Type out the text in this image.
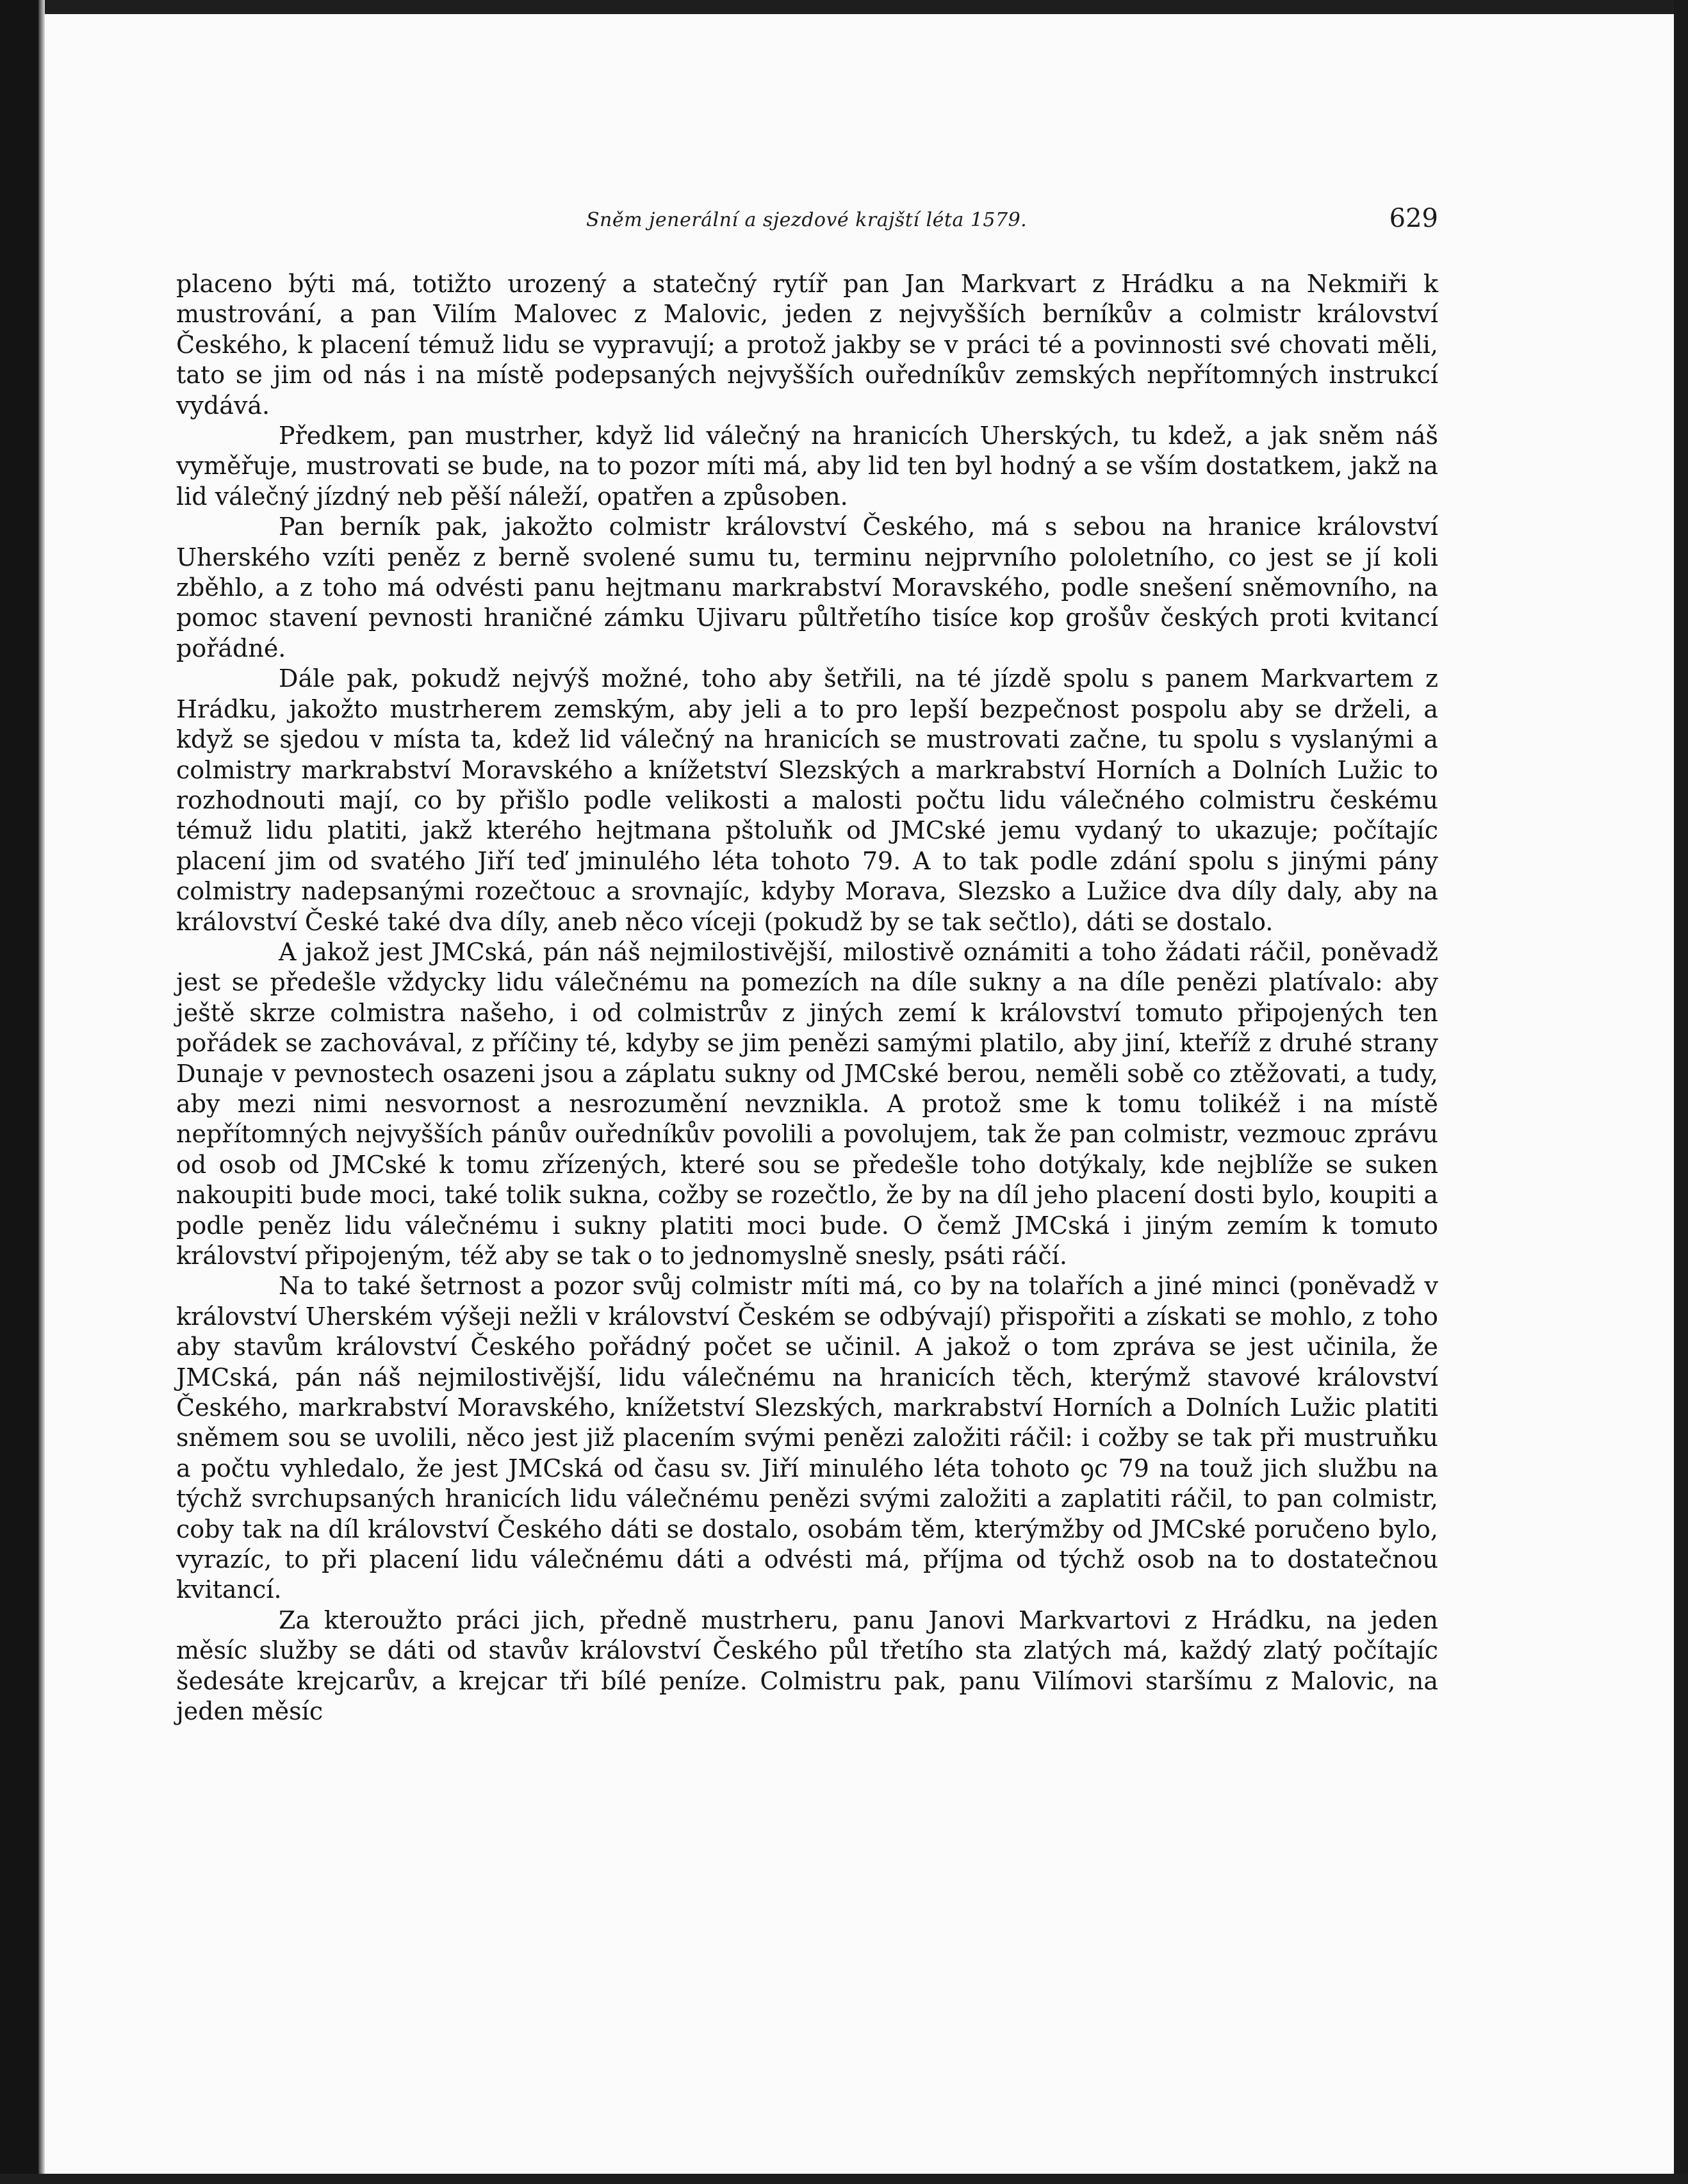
Sněm jenerální a sjezdové krajští léta 1579.	629

placeno býti má, totižto urozený a statečný rytíř pan Jan Markvart z Hrádku a na Nekmiři k mustrování, a pan Vilím Malovec z Malovic, jeden z nejvyšších berníkův a colmistr království Českého, k placení témuž lidu se vypravují; a protož jakby se v práci té a povinnosti své chovati měli, tato se jim od nás i na místě podepsaných nejvyšších ouředníkův zemských nepřítomných instrukcí vydává.

Předkem, pan mustrher, když lid válečný na hranicích Uherských, tu kdež, a jak sněm náš vyměřuje, mustrovati se bude, na to pozor míti má, aby lid ten byl hodný a se vším dostatkem, jakž na lid válečný jízdný neb pěší náleží, opatřen a způsoben.

Pan berník pak, jakožto colmistr království Českého, má s sebou na hranice království Uherského vzíti peněz z berně svolené sumu tu, terminu nejprvního pololetního, co jest se jí koli zběhlo, a z toho má odvésti panu hejtmanu markrabství Moravského, podle snešení sněmovního, na pomoc stavení pevnosti hraničné zámku Ujivaru půltřetího tisíce kop grošův českých proti kvitancí pořádné.

Dále pak, pokudž nejvýš možné, toho aby šetřili, na té jízdě spolu s panem Markvartem z Hrádku, jakožto mustrherem zemským, aby jeli a to pro lepší bezpečnost pospolu aby se drželi, a když se sjedou v místa ta, kdež lid válečný na hranicích se mustrovati začne, tu spolu s vyslanými a colmistry markrabství Moravského a knížetství Slezských a markrabství Horních a Dolních Lužic to rozhodnouti mají, co by přišlo podle velikosti a malosti počtu lidu válečného colmistru českému témuž lidu platiti, jakž kterého hejtmana pštoluňk od JMCské jemu vydaný to ukazuje; počítajíc placení jim od svatého Jiří teď jminulého léta tohoto 79. A to tak podle zdání spolu s jinými pány colmistry nadepsanými rozečtouc a srovnajíc, kdyby Morava, Slezsko a Lužice dva díly daly, aby na království České také dva díly, aneb něco víceji (pokudž by se tak sečtlo), dáti se dostalo.

A jakož jest JMCská, pán náš nejmilostivější, milostivě oznámiti a toho žádati ráčil, poněvadž jest se předešle vždycky lidu válečnému na pomezích na díle sukny a na díle penězi platívalo: aby ještě skrze colmistra našeho, i od colmistrův z jiných zemí k království tomuto připojených ten pořádek se zachovával, z příčiny té, kdyby se jim penězi samými platilo, aby jiní, kteříž z druhé strany Dunaje v pevnostech osazeni jsou a záplatu sukny od JMCské berou, neměli sobě co ztěžovati, a tudy, aby mezi nimi nesvornost a nesrozumění nevznikla. A protož sme k tomu tolikéž i na místě nepřítomných nejvyšších pánův ouředníkův povolili a povolujem, tak že pan colmistr, vezmouc zprávu od osob od JMCské k tomu zřízených, které sou se předešle toho dotýkaly, kde nejblíže se suken nakoupiti bude moci, také tolik sukna, cožby se rozečtlo, že by na díl jeho placení dosti bylo, koupiti a podle peněz lidu válečnému i sukny platiti moci bude. O čemž JMCská i jiným zemím k tomuto království připojeným, též aby se tak o to jednomyslně snesly, psáti ráčí.

Na to také šetrnost a pozor svůj colmistr míti má, co by na tolařích a jiné minci (poněvadž v království Uherském výšeji nežli v království Českém se odbývají) přispořiti a získati se mohlo, z toho aby stavům království Českého pořádný počet se učinil. A jakož o tom zpráva se jest učinila, že JMCská, pán náš nejmilostivější, lidu válečnému na hranicích těch, kterýmž stavové království Českého, markrabství Moravského, knížetství Slezských, markrabství Horních a Dolních Lužic platiti sněmem sou se uvolili, něco jest již placením svými penězi založiti ráčil: i cožby se tak při mustruňku a počtu vyhledalo, že jest JMCská od času sv. Jiří minulého léta tohoto ꝯc 79 na touž jich službu na týchž svrchupsaných hranicích lidu válečnému penězi svými založiti a zaplatiti ráčil, to pan colmistr, coby tak na díl království Českého dáti se dostalo, osobám těm, kterýmžby od JMCské poručeno bylo, vyrazíc, to při placení lidu válečnému dáti a odvésti má, příjma od týchž osob na to dostatečnou kvitancí.

Za kteroužto práci jich, předně mustrheru, panu Janovi Markvartovi z Hrádku, na jeden měsíc služby se dáti od stavův království Českého půl třetího sta zlatých má, každý zlatý počítajíc šedesáte krejcarův, a krejcar tři bílé peníze. Colmistru pak, panu Vilímovi staršímu z Malovic, na jeden měsíc
